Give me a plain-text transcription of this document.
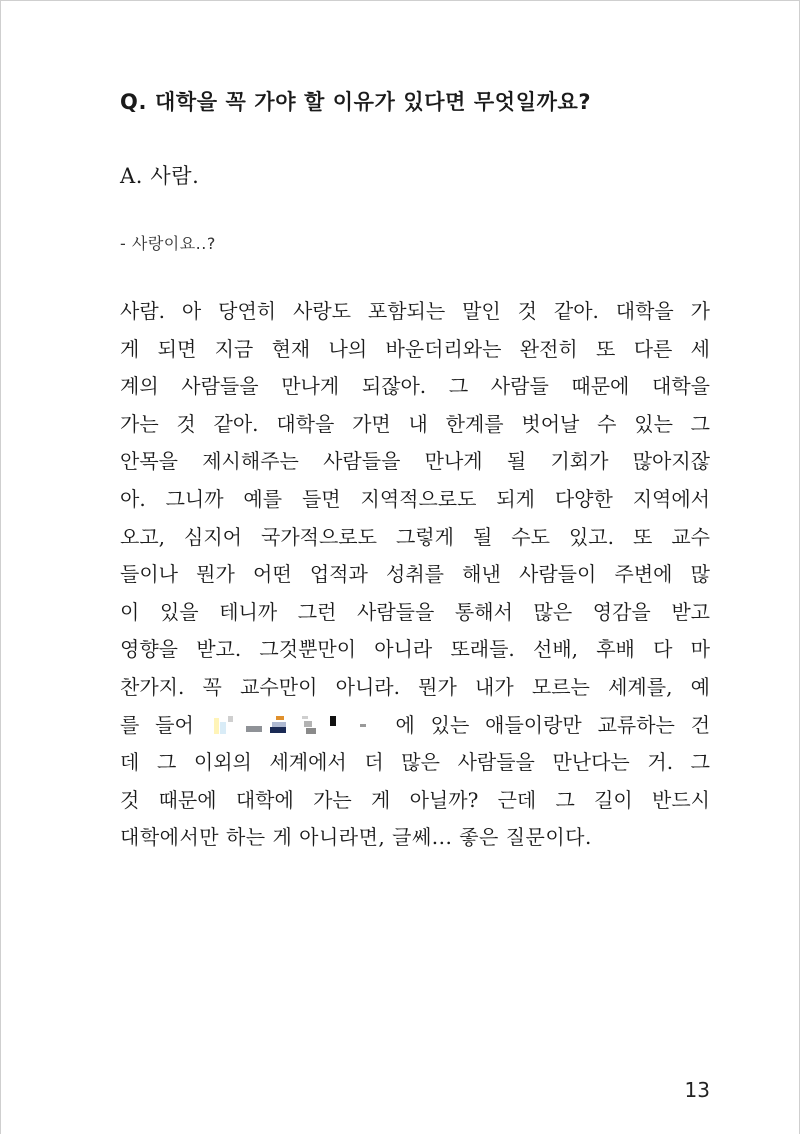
Q. 대학을 꼭 가야 할 이유가 있다면 무엇일까요?
A. 사람.
- 사랑이요..?
사람. 아 당연히 사랑도 포함되는 말인 것 같아. 대학을 가
게 되면 지금 현재 나의 바운더리와는 완전히 또 다른 세
계의 사람들을 만나게 되잖아. 그 사람들 때문에 대학을
가는 것 같아. 대학을 가면 내 한계를 벗어날 수 있는 그
안목을 제시해주는 사람들을 만나게 될 기회가 많아지잖
아. 그니까 예를 들면 지역적으로도 되게 다양한 지역에서
오고, 심지어 국가적으로도 그렇게 될 수도 있고. 또 교수
들이나 뭔가 어떤 업적과 성취를 해낸 사람들이 주변에 많
이 있을 테니까 그런 사람들을 통해서 많은 영감을 받고
영향을 받고. 그것뿐만이 아니라 또래들. 선배, 후배 다 마
찬가지. 꼭 교수만이 아니라. 뭔가 내가 모르는 세계를, 예
를 들어	에 있는 애들이랑만 교류하는 건
데 그 이외의 세계에서 더 많은 사람들을 만난다는 거. 그
것 때문에 대학에 가는 게 아닐까? 근데 그 길이 반드시
대학에서만 하는 게 아니라면, 글쎄... 좋은 질문이다.
13
